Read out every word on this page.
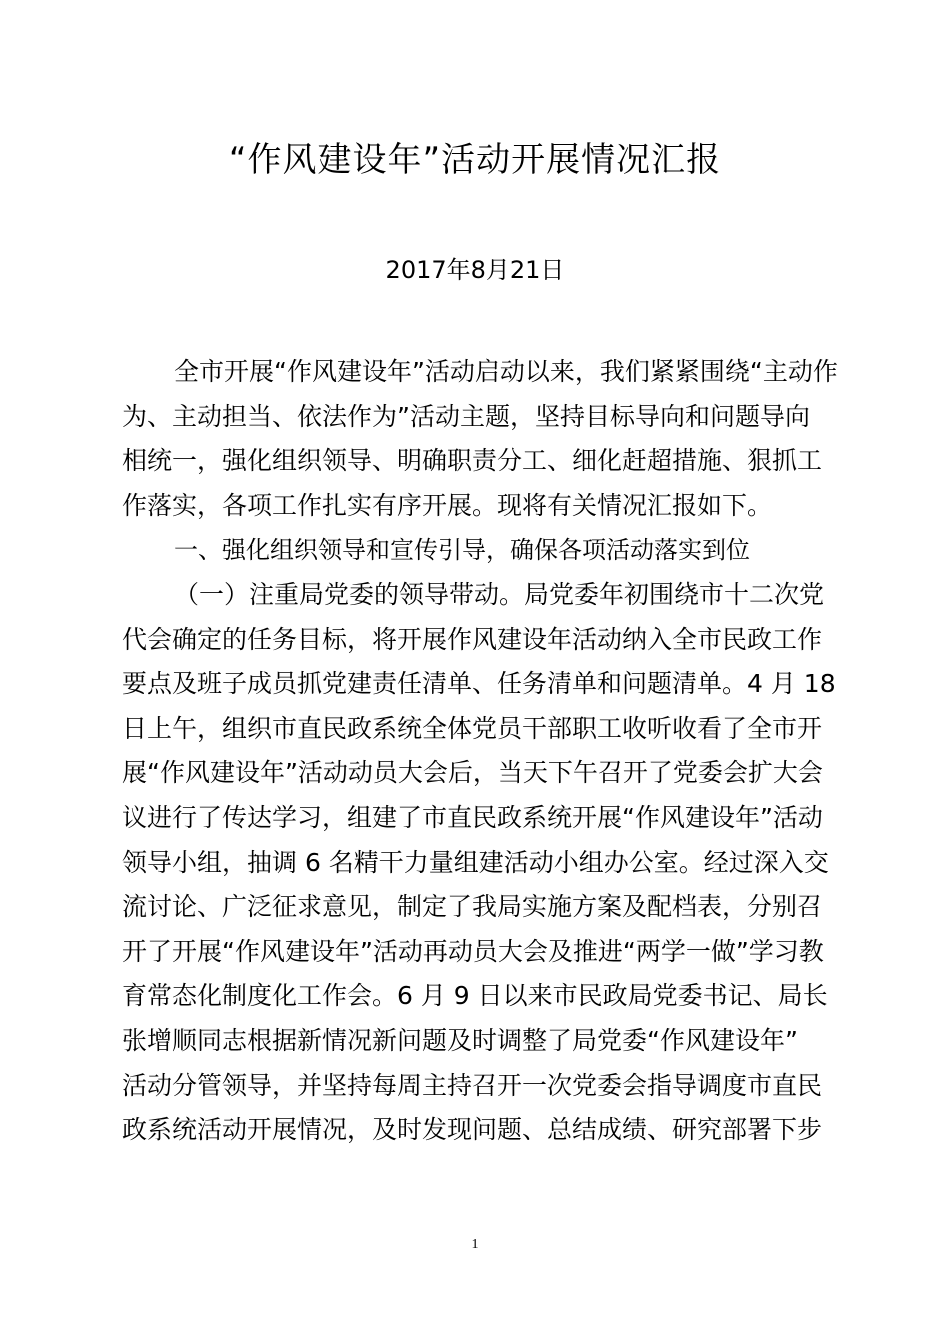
“作风建设年”活动开展情况汇报
2017年8月21日
全市开展“作风建设年”活动启动以来，我们紧紧围绕“主动作
为、主动担当、依法作为”活动主题，坚持目标导向和问题导向
相统一，强化组织领导、明确职责分工、细化赶超措施、狠抓工
作落实，各项工作扎实有序开展。现将有关情况汇报如下。
一、强化组织领导和宣传引导，确保各项活动落实到位
（一）注重局党委的领导带动。局党委年初围绕市十二次党
代会确定的任务目标，将开展作风建设年活动纳入全市民政工作
要点及班子成员抓党建责任清单、任务清单和问题清单。4 月 18
日上午，组织市直民政系统全体党员干部职工收听收看了全市开
展“作风建设年”活动动员大会后，当天下午召开了党委会扩大会
议进行了传达学习，组建了市直民政系统开展“作风建设年”活动
领导小组，抽调 6 名精干力量组建活动小组办公室。经过深入交
流讨论、广泛征求意见，制定了我局实施方案及配档表，分别召
开了开展“作风建设年”活动再动员大会及推进“两学一做”学习教
育常态化制度化工作会。6 月 9 日以来市民政局党委书记、局长
张增顺同志根据新情况新问题及时调整了局党委“作风建设年”
活动分管领导，并坚持每周主持召开一次党委会指导调度市直民
政系统活动开展情况，及时发现问题、总结成绩、研究部署下步
1
